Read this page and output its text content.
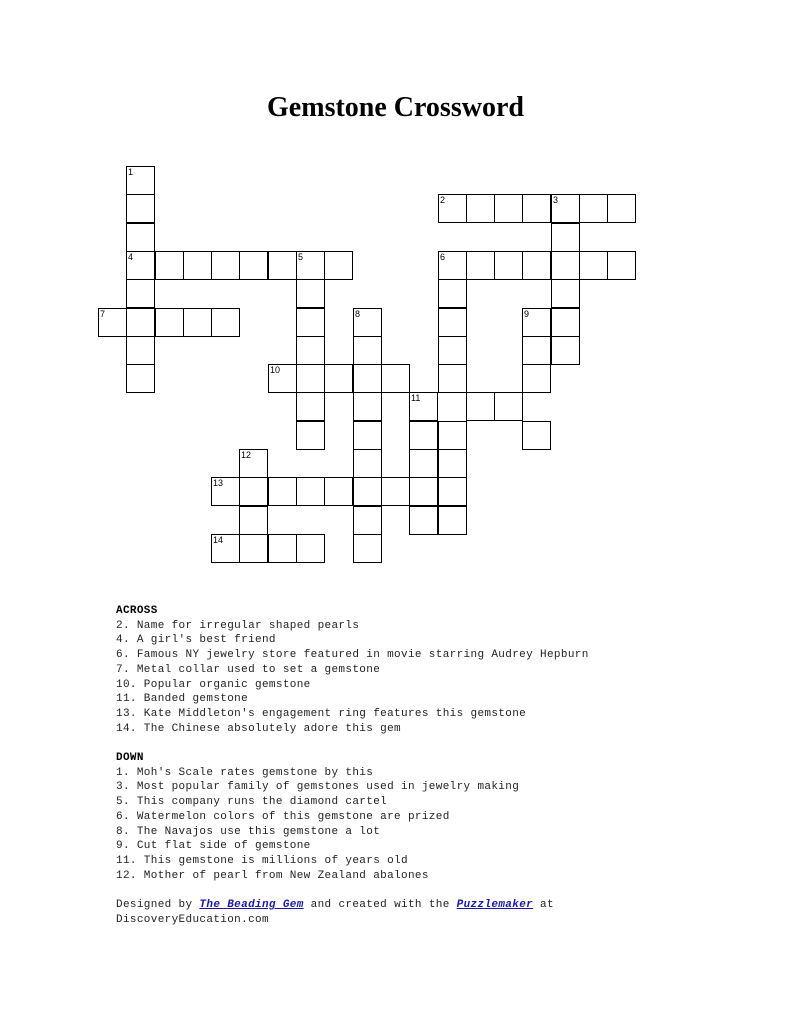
Gemstone Crossword
1
4
2	3
5	6
7	8	9
10
11
12
13
14
ACROSS
2. Name for irregular shaped pearls
4. A girl's best friend
6. Famous NY jewelry store featured in movie starring Audrey Hepburn
7. Metal collar used to set a gemstone
10. Popular organic gemstone
11. Banded gemstone
13. Kate Middleton's engagement ring features this gemstone
14. The Chinese absolutely adore this gem
DOWN
1. Moh's Scale rates gemstone by this
3. Most popular family of gemstones used in jewelry making
5. This company runs the diamond cartel
6. Watermelon colors of this gemstone are prized
8. The Navajos use this gemstone a lot
9. Cut flat side of gemstone
11. This gemstone is millions of years old
12. Mother of pearl from New Zealand abalones
Designed by The Beading Gem and created with the Puzzlemaker at
DiscoveryEducation.com
